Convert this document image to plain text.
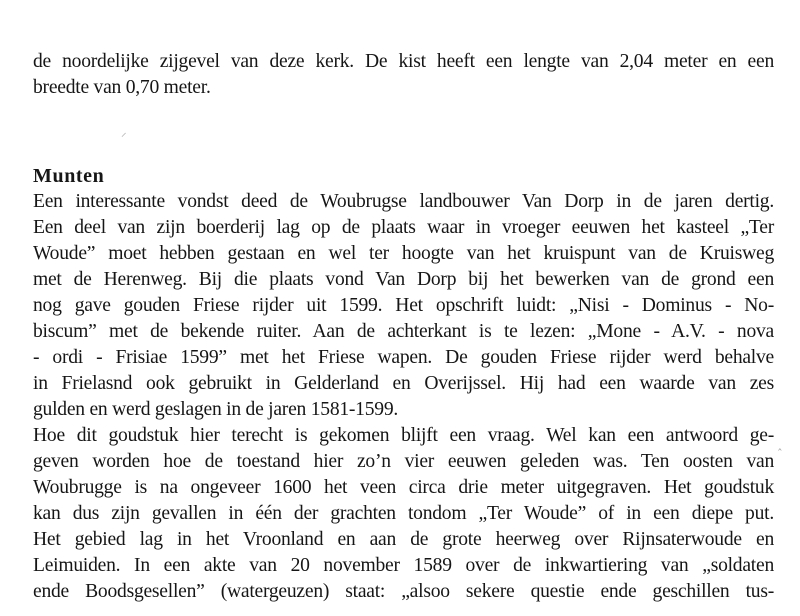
de noordelijke zijgevel van deze kerk. De kist heeft een lengte van 2,04 meter en een
breedte van 0,70 meter.
⸝
Munten
Een interessante vondst deed de Woubrugse landbouwer Van Dorp in de jaren dertig.
Een deel van zijn boerderij lag op de plaats waar in vroeger eeuwen het kasteel „Ter
Woude” moet hebben gestaan en wel ter hoogte van het kruispunt van de Kruisweg
met de Herenweg. Bij die plaats vond Van Dorp bij het bewerken van de grond een
nog gave gouden Friese rijder uit 1599. Het opschrift luidt: „Nisi - Dominus - No-
biscum” met de bekende ruiter. Aan de achterkant is te lezen: „Mone - A.V. - nova
- ordi - Frisiae 1599” met het Friese wapen. De gouden Friese rijder werd behalve
in Frielasnd ook gebruikt in Gelderland en Overijssel. Hij had een waarde van zes
gulden en werd geslagen in de jaren 1581-1599.
Hoe dit goudstuk hier terecht is gekomen blijft een vraag. Wel kan een antwoord ge-
geven worden hoe de toestand hier zo’n vier eeuwen geleden was. Ten oosten van
Woubrugge is na ongeveer 1600 het veen circa drie meter uitgegraven. Het goudstuk
kan dus zijn gevallen in één der grachten tondom „Ter Woude” of in een diepe put.
Het gebied lag in het Vroonland en aan de grote heerweg over Rijnsaterwoude en
Leimuiden. In een akte van 20 november 1589 over de inkwartiering van „soldaten
ende Boodsgesellen” (watergeuzen) staat: „alsoo sekere questie ende geschillen tus-
‸
